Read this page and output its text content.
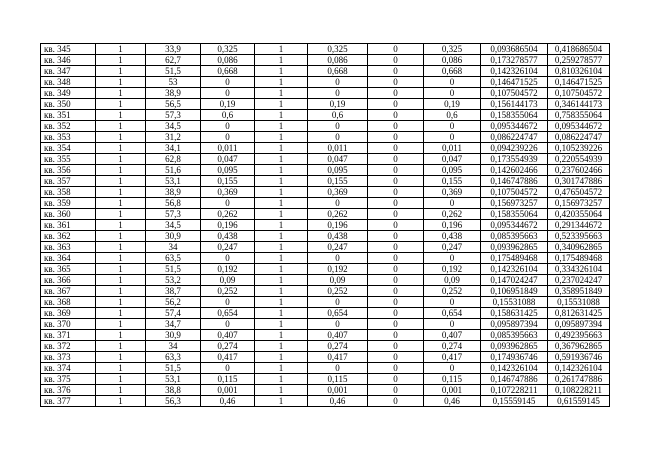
кв. 345	1	33,9	0,325	1	0,325	0	0,325	0,093686504	0,418686504
кв. 346	1	62,7	0,086	1	0,086	0	0,086	0,173278577	0,259278577
кв. 347	1	51,5	0,668	1	0,668	0	0,668	0,142326104	0,810326104
кв. 348	1	53	0	1	0	0	0	0,146471525	0,146471525
кв. 349	1	38,9	0	1	0	0	0	0,107504572	0,107504572
кв. 350	1	56,5	0,19	1	0,19	0	0,19	0,156144173	0,346144173
кв. 351	1	57,3	0,6	1	0,6	0	0,6	0,158355064	0,758355064
кв. 352	1	34,5	0	1	0	0	0	0,095344672	0,095344672
кв. 353	1	31,2	0	1	0	0	0	0,086224747	0,086224747
кв. 354	1	34,1	0,011	1	0,011	0	0,011	0,094239226	0,105239226
кв. 355	1	62,8	0,047	1	0,047	0	0,047	0,173554939	0,220554939
кв. 356	1	51,6	0,095	1	0,095	0	0,095	0,142602466	0,237602466
кв. 357	1	53,1	0,155	1	0,155	0	0,155	0,146747886	0,301747886
кв. 358	1	38,9	0,369	1	0,369	0	0,369	0,107504572	0,476504572
кв. 359	1	56,8	0	1	0	0	0	0,156973257	0,156973257
кв. 360	1	57,3	0,262	1	0,262	0	0,262	0,158355064	0,420355064
кв. 361	1	34,5	0,196	1	0,196	0	0,196	0,095344672	0,291344672
кв. 362	1	30,9	0,438	1	0,438	0	0,438	0,085395663	0,523395663
кв. 363	1	34	0,247	1	0,247	0	0,247	0,093962865	0,340962865
кв. 364	1	63,5	0	1	0	0	0	0,175489468	0,175489468
кв. 365	1	51,5	0,192	1	0,192	0	0,192	0,142326104	0,334326104
кв. 366	1	53,2	0,09	1	0,09	0	0,09	0,147024247	0,237024247
кв. 367	1	38,7	0,252	1	0,252	0	0,252	0,106951849	0,358951849
кв. 368	1	56,2	0	1	0	0	0	0,15531088	0,15531088
кв. 369	1	57,4	0,654	1	0,654	0	0,654	0,158631425	0,812631425
кв. 370	1	34,7	0	1	0	0	0	0,095897394	0,095897394
кв. 371	1	30,9	0,407	1	0,407	0	0,407	0,085395663	0,492395663
кв. 372	1	34	0,274	1	0,274	0	0,274	0,093962865	0,367962865
кв. 373	1	63,3	0,417	1	0,417	0	0,417	0,174936746	0,591936746
кв. 374	1	51,5	0	1	0	0	0	0,142326104	0,142326104
кв. 375	1	53,1	0,115	1	0,115	0	0,115	0,146747886	0,261747886
кв. 376	1	38,8	0,001	1	0,001	0	0,001	0,107228211	0,108228211
кв. 377	1	56,3	0,46	1	0,46	0	0,46	0,15559145	0,61559145
